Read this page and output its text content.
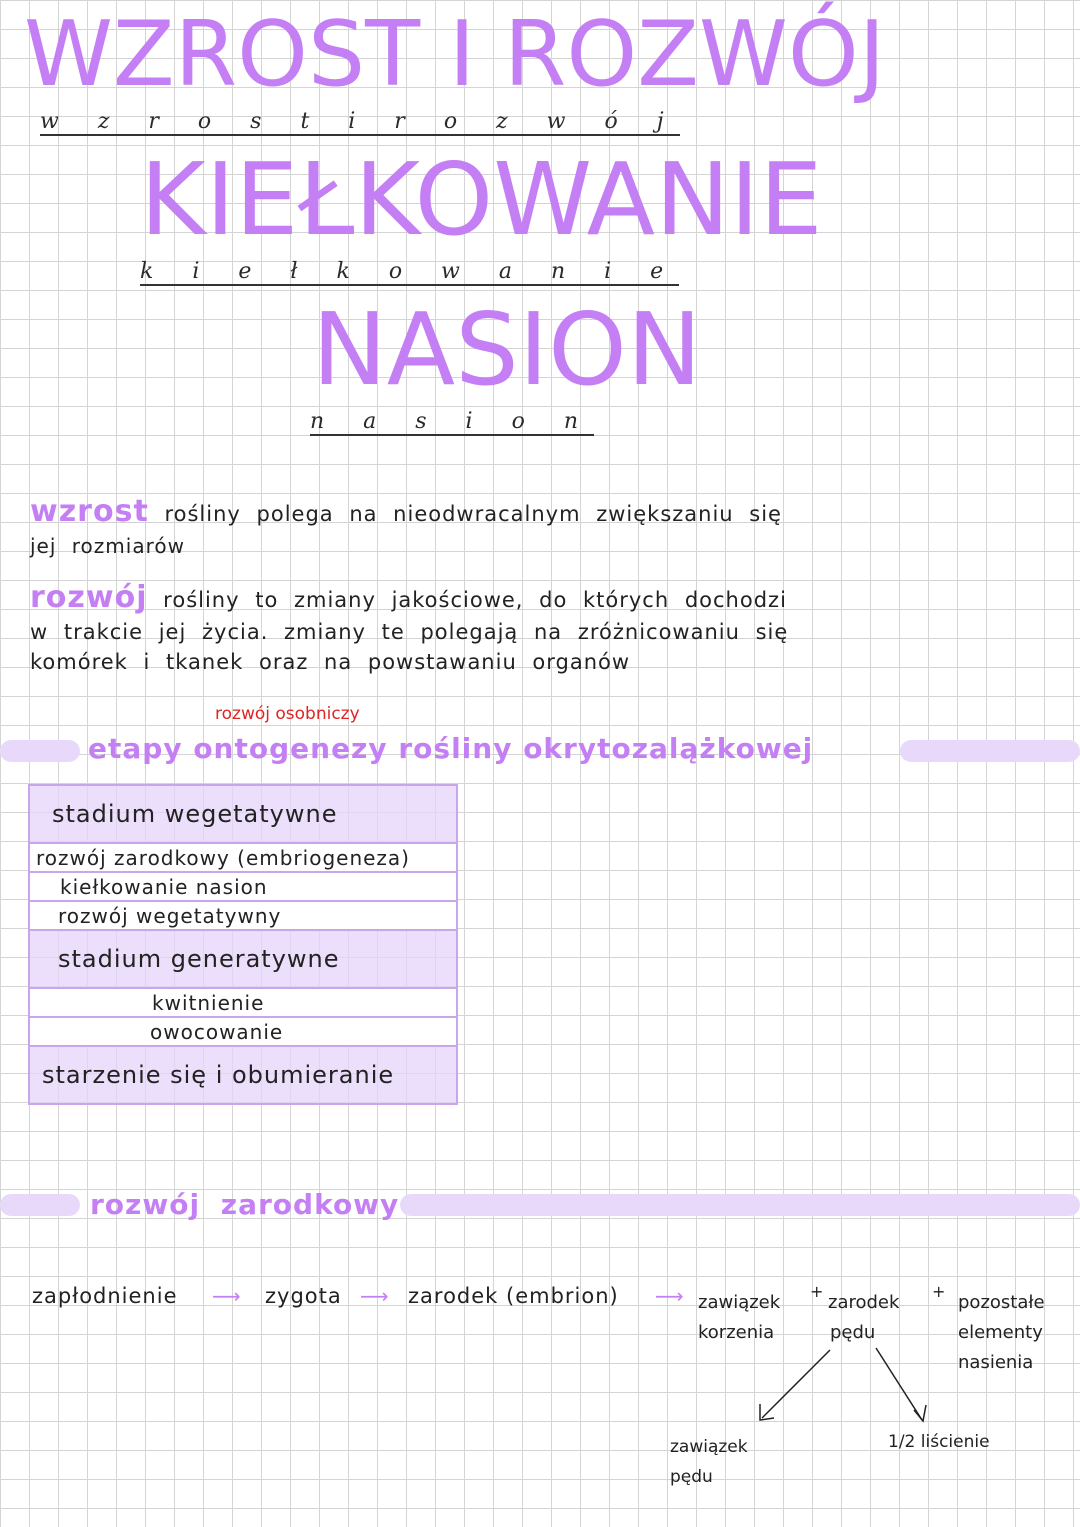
WZROST I ROZWÓJ
w z r o s t i r o z w ó j
KIEŁKOWANIE
k i e ł k o w a n i e
NASION
n a s i o n
wzrost rośliny polega na nieodwracalnym zwiększaniu się
jej rozmiarów
rozwój rośliny to zmiany jakościowe, do których dochodzi
w trakcie jej życia. zmiany te polegają na zróżnicowaniu się
komórek i tkanek oraz na powstawaniu organów
rozwój osobniczy
etapy ontogenezy rośliny okrytozalążkowej
stadium wegetatywne
rozwój zarodkowy (embriogeneza)
kiełkowanie nasion
rozwój wegetatywny
stadium generatywne
kwitnienie
owocowanie
starzenie się i obumieranie
rozwój zarodkowy
zapłodnienie ⟶ zygota ⟶ zarodek (embrion) ⟶ zawiązek
korzenia
+
zarodek
pędu
+
pozostałe
elementy
nasienia
zawiązek
pędu
1/2 liścienie
